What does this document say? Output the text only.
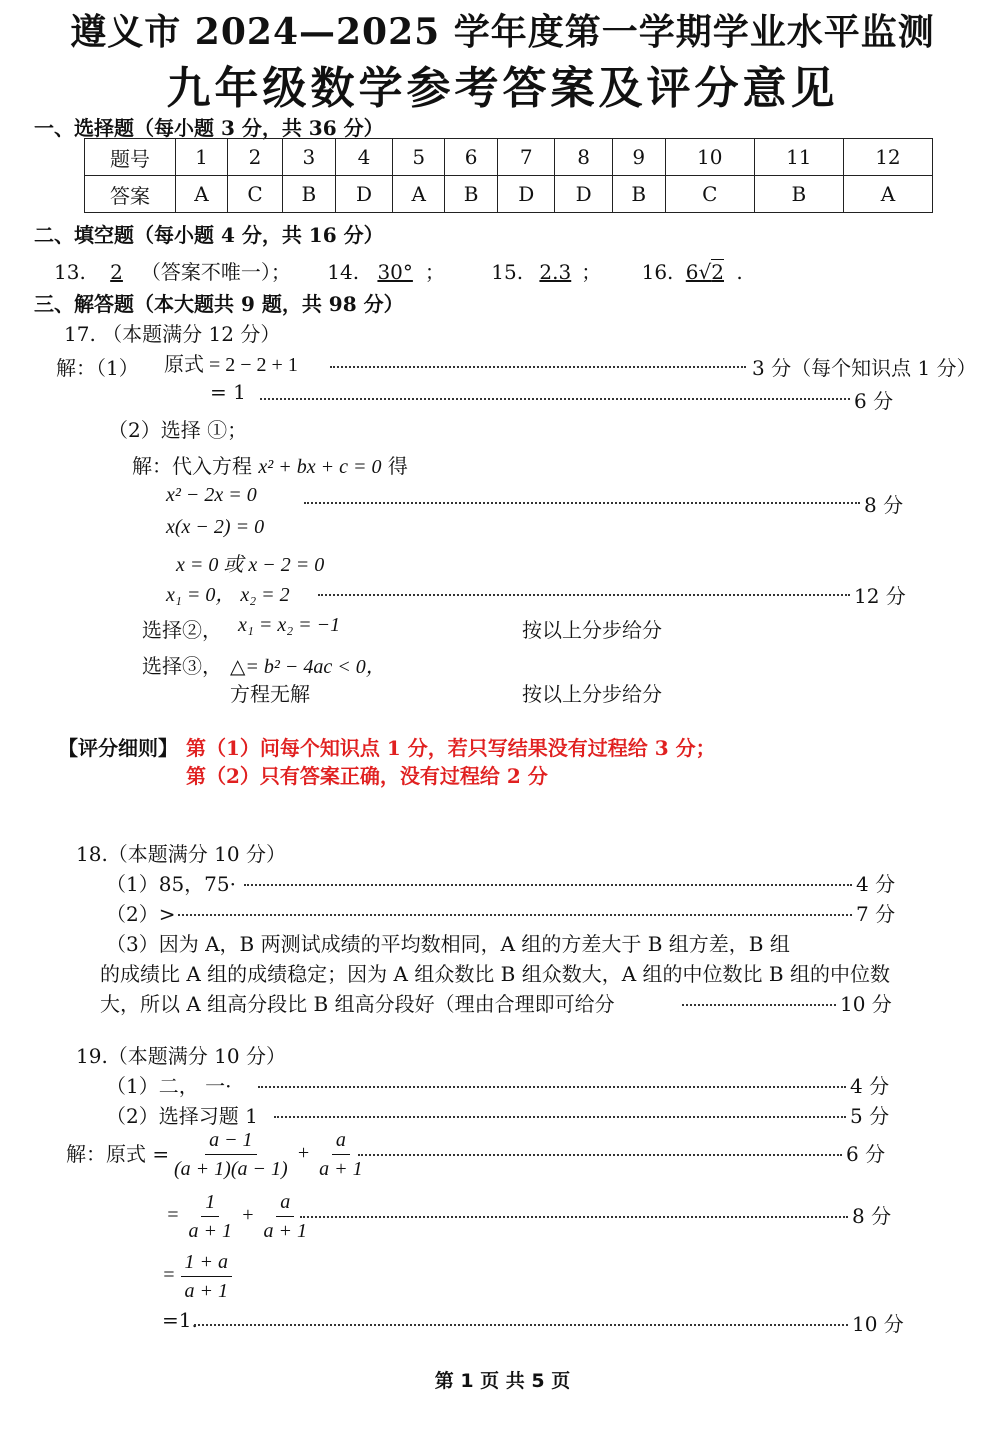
遵义市 2024—2025 学年度第一学期学业水平监测
九年级数学参考答案及评分意见
一、选择题（每小题 3 分，共 36 分）
题号	1	2	3	4	5	6	7	8	9	10	11	12
答案	A	C	B	D	A	B	D	D	B	C	B	A
二、填空题（每小题 4 分，共 16 分）
13. 2 （答案不唯一）； 14. 30° ； 15. 2.3 ； 16. 6√2 .
三、解答题（本大题共 9 题，共 98 分）
17. （本题满分 12 分）
解：（1） 原式 = 2 − 2 + 1	3 分（每个知识点 1 分）
= 1	6 分
（2）选择 ①；
解：代入方程 x² + bx + c = 0 得
x² − 2x = 0	8 分
x(x − 2) = 0
x = 0 或 x − 2 = 0
x₁ = 0， x₂ = 2	12 分
选择②， x₁ = x₂ = −1	按以上分步给分
选择③， △= b² − 4ac < 0，
方程无解	按以上分步给分
【评分细则】 第（1）问每个知识点 1 分，若只写结果没有过程给 3 分；
第（2）只有答案正确，没有过程给 2 分
18.（本题满分 10 分）
（1）85，75·	4 分
（2）>	7 分
（3）因为 A，B 两测试成绩的平均数相同，A 组的方差大于 B 组方差，B 组
的成绩比 A 组的成绩稳定；因为 A 组众数比 B 组众数大，A 组的中位数比 B 组的中位数
大，所以 A 组高分段比 B 组高分段好（理由合理即可给分	10 分
19.（本题满分 10 分）
（1）二， 一·	4 分
（2）选择习题 1	5 分
解：原式 = $\frac{a - 1}{(a + 1)(a - 1)} + \frac{a}{a + 1}$	6 分
= $\frac{1}{a + 1} + \frac{a}{a + 1}$	8 分
= $\frac{1 + a}{a + 1}$
=1.	10 分
第 1 页 共 5 页
